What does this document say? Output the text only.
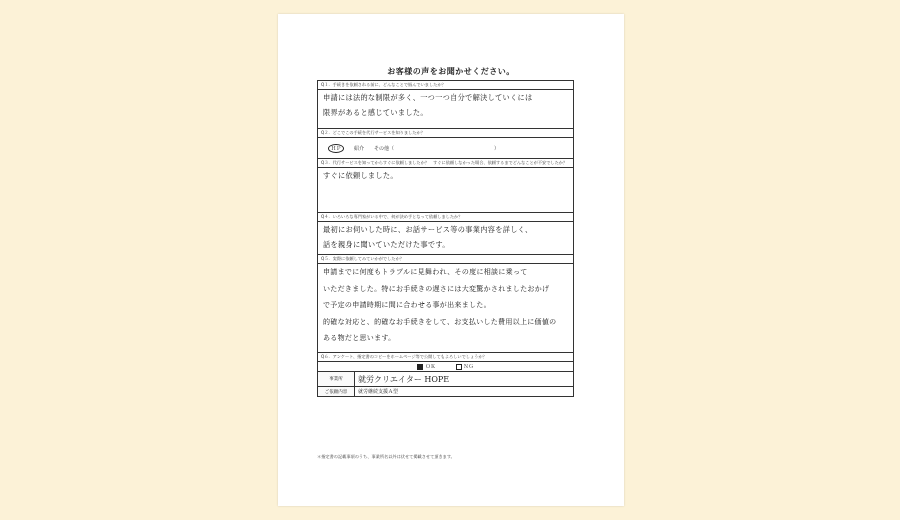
お客様の声をお聞かせください。
Q１．手続きを依頼される前に、どんなことで悩んでいましたか？
申請には法的な制限が多く、一つ一つ自分で解決していくには
限界があると感じていました。
Q２．どこでこの手続を代行サービスを知りましたか？
ＨＰ	紹介 その他（	）
Q３．代行サービスを知ってからすぐに依頼しましたか？　すぐに依頼しなかった場合、依頼するまでどんなことが不安でしたか？
すぐに依頼しました。
Q４．いろいろな専門家がいる中で、何が決め手となって依頼しましたか？
最初にお伺いした時に、お話サービス等の事業内容を詳しく、
話を親身に聞いていただけた事です。
Q５．実際に依頼してみていかがでしたか？
申請までに何度もトラブルに見舞われ、その度に相談に乗って
いただきました。特にお手続きの遅さには大変驚かされましたおかげ
で予定の申請時期に間に合わせる事が出来ました。
的確な対応と、的確なお手続きをして、お支払いした費用以上に価値の
ある物だと思います。
Q６．アンケート、指定書のコピーをホームページ等で公開してもよろしいでしょうか？
ＯＫ	ＮＧ
事業所	就労クリエイター HOPE
ご依頼内容	就労継続支援Ａ型
＊指定書の記載事項のうち、事業所名以外は伏せて掲載させて頂きます。
